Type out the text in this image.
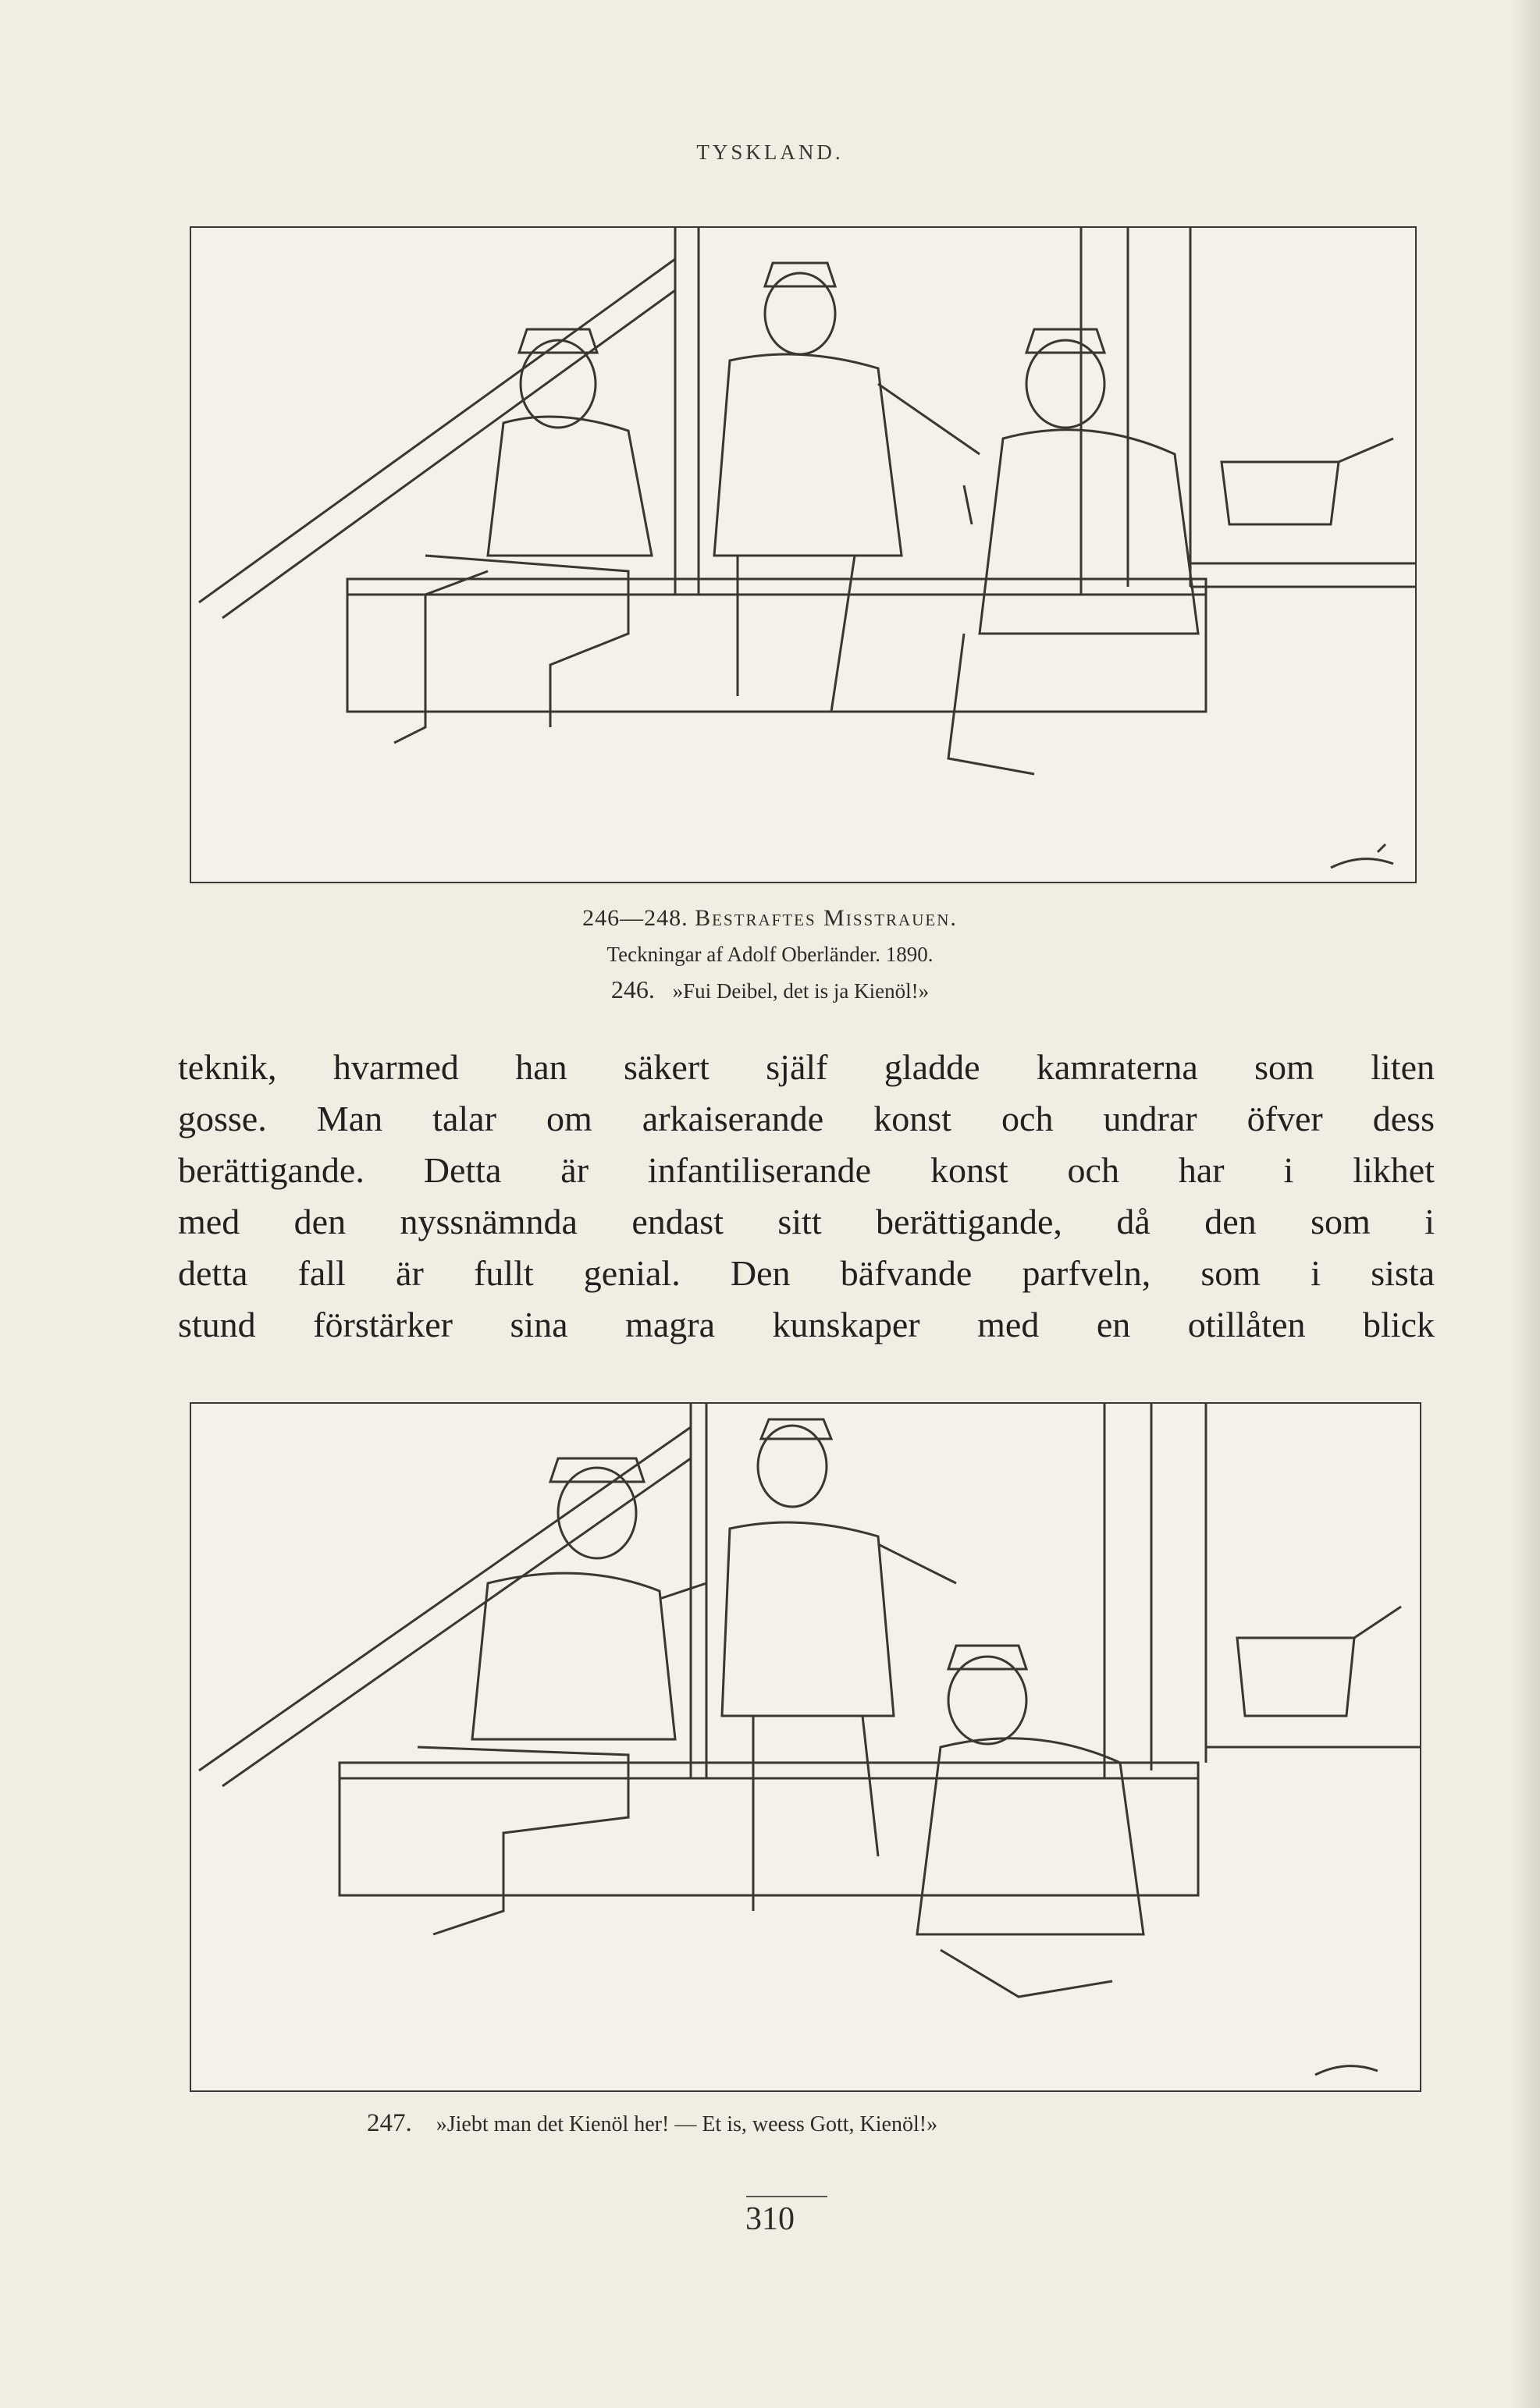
TYSKLAND.
246—248. Bestraftes Misstrauen.
Teckningar af Adolf Oberländer. 1890.
246. »Fui Deibel, det is ja Kienöl!»
teknik, hvarmed han säkert själf gladde kamraterna som liten
gosse. Man talar om arkaiserande konst och undrar öfver dess
berättigande. Detta är infantiliserande konst och har i likhet
med den nyssnämnda endast sitt berättigande, då den som i
detta fall är fullt genial. Den bäfvande parfveln, som i sista
stund förstärker sina magra kunskaper med en otillåten blick
247. »Jiebt man det Kienöl her! — Et is, weess Gott, Kienöl!»
310
